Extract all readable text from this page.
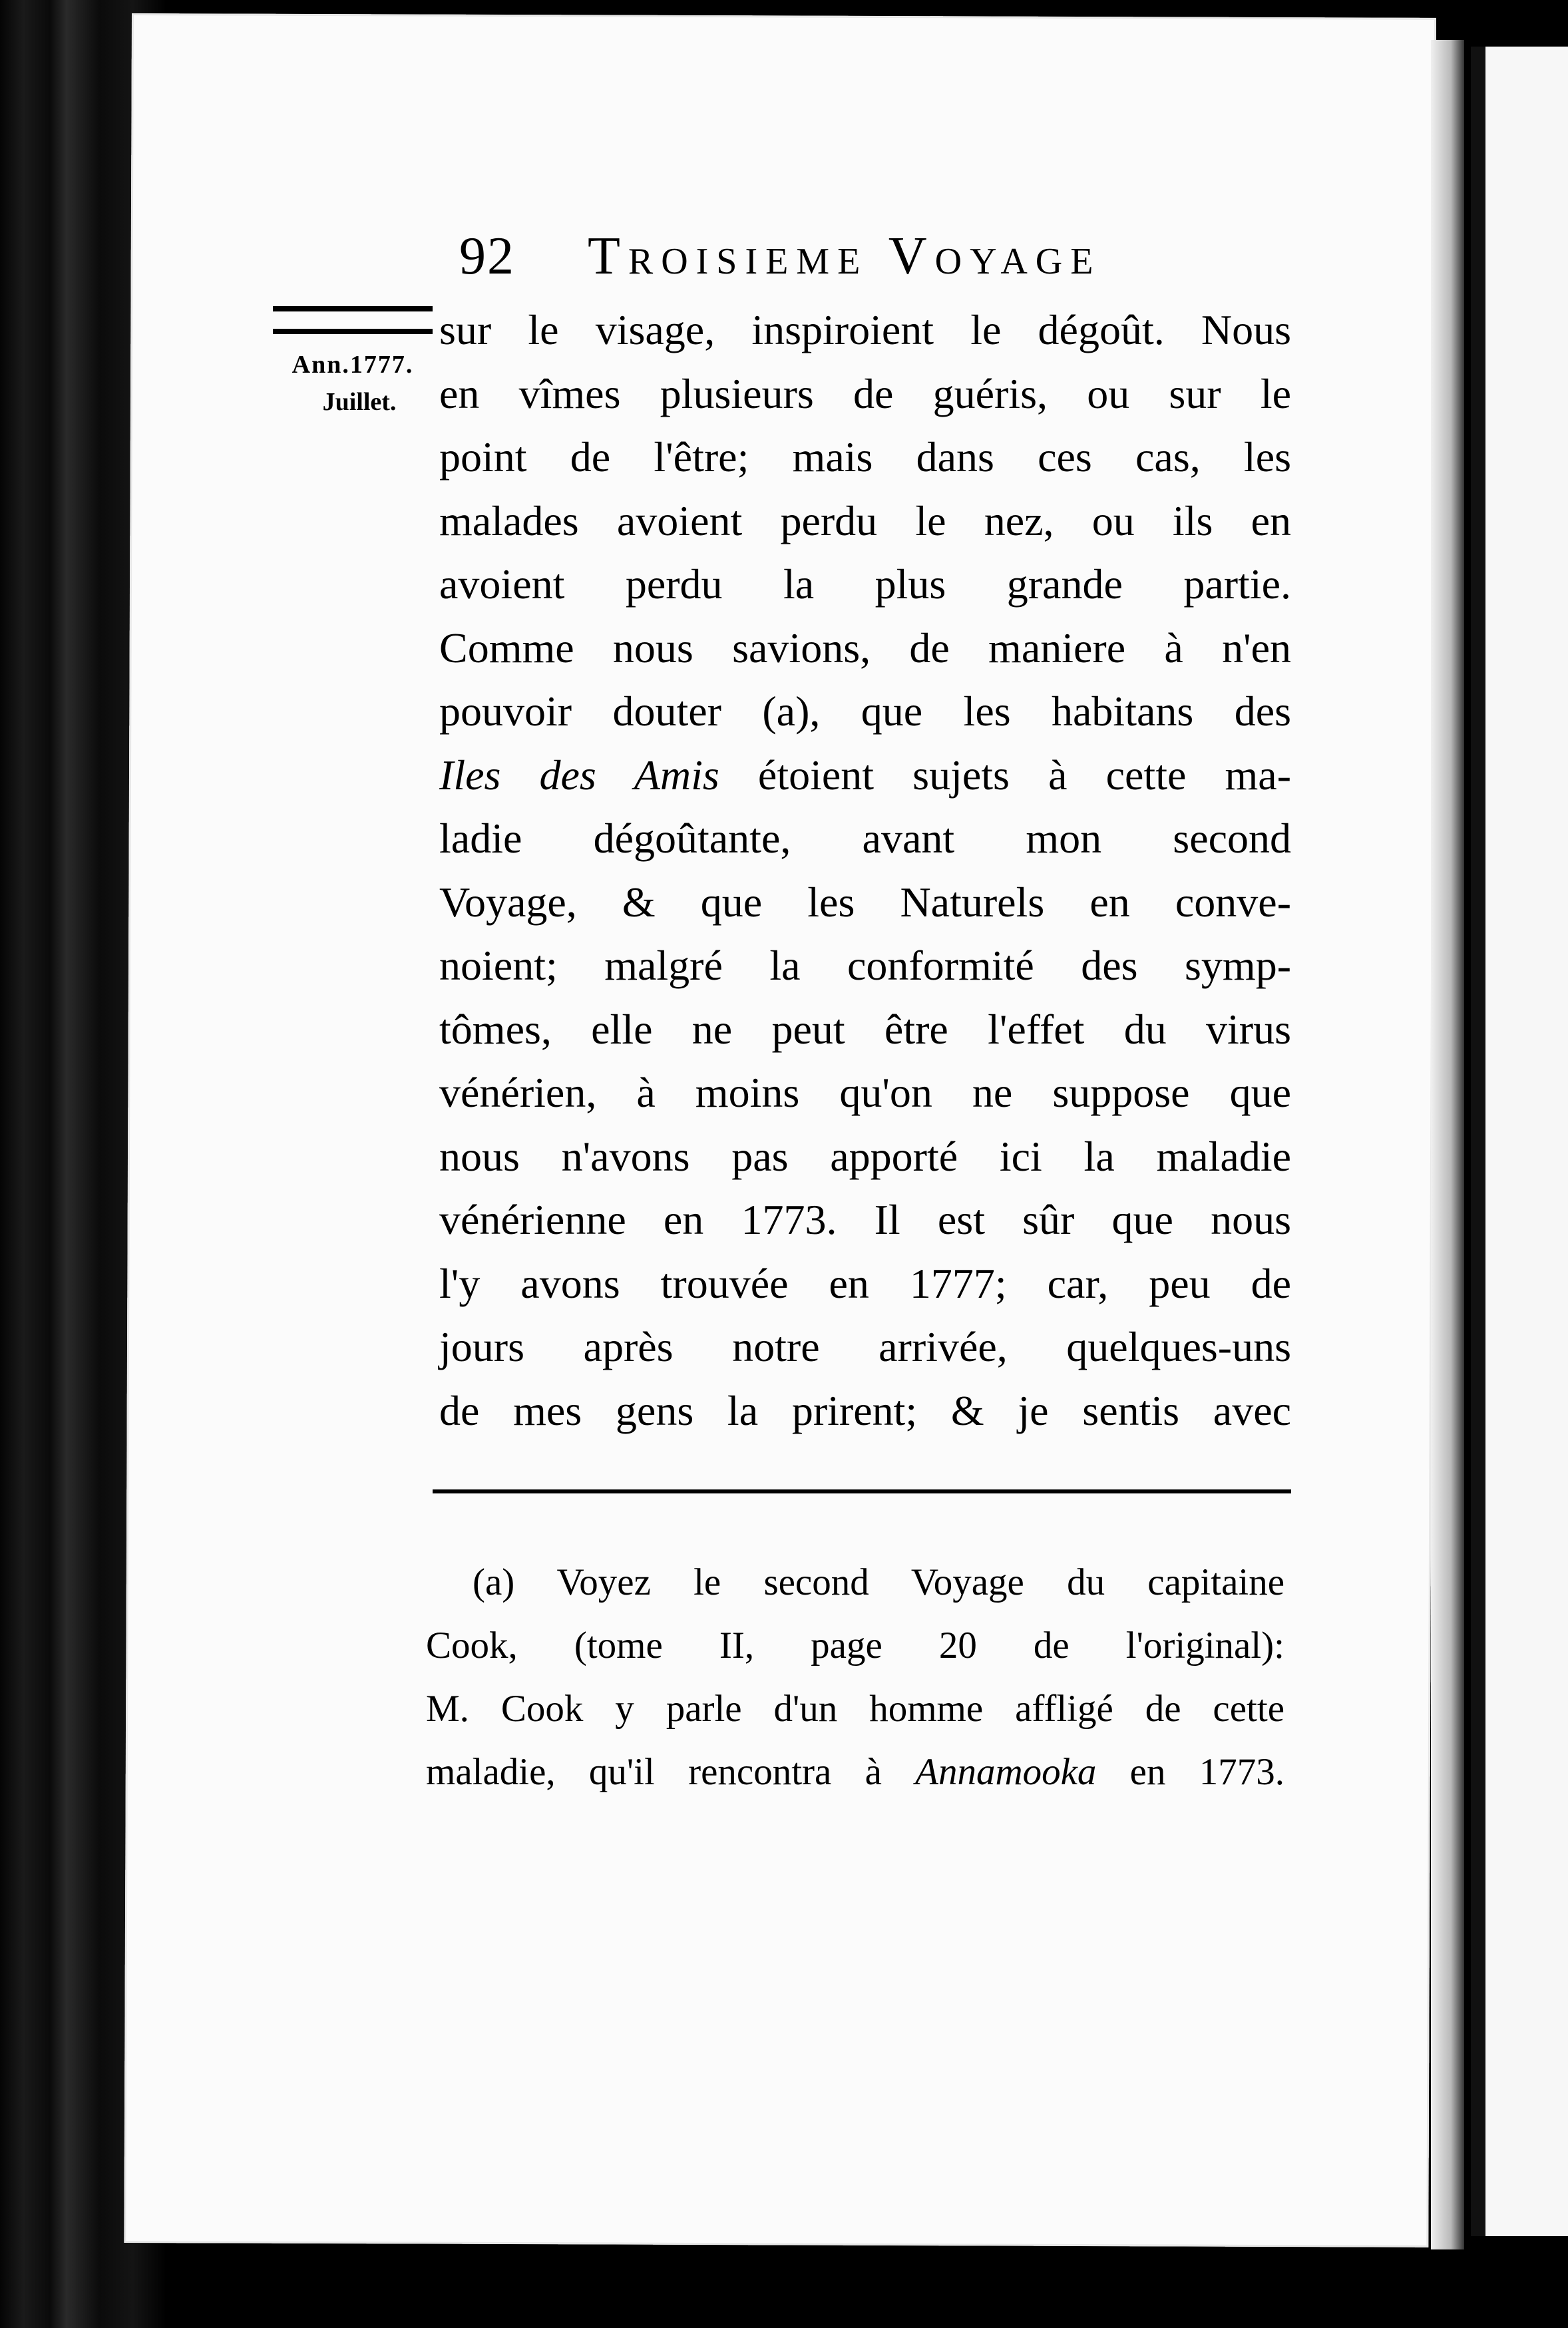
92 Troisieme Voyage
Ann.1777.
Juillet.
sur le visage, inspiroient le dégoût. Nous
en vîmes plusieurs de guéris, ou sur le
point de l'être; mais dans ces cas, les
malades avoient perdu le nez, ou ils en
avoient perdu la plus grande partie.
Comme nous savions, de maniere à n'en
pouvoir douter (a), que les habitans des
Iles des Amis étoient sujets à cette ma-
ladie dégoûtante, avant mon second
Voyage, & que les Naturels en conve-
noient; malgré la conformité des symp-
tômes, elle ne peut être l'effet du virus
vénérien, à moins qu'on ne suppose que
nous n'avons pas apporté ici la maladie
vénérienne en 1773. Il est sûr que nous
l'y avons trouvée en 1777; car, peu de
jours après notre arrivée, quelques-uns
de mes gens la prirent; & je sentis avec
(a) Voyez le second Voyage du capitaine
Cook, (tome II, page 20 de l'original):
M. Cook y parle d'un homme affligé de cette
maladie, qu'il rencontra à Annamooka en 1773.
